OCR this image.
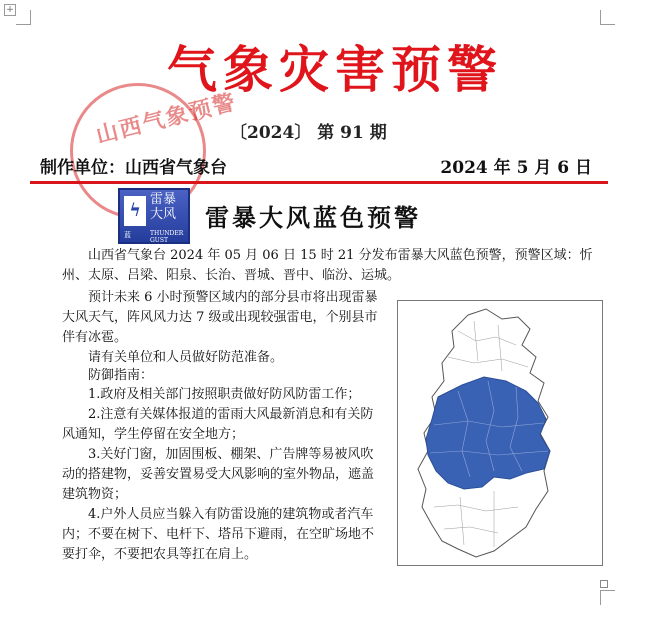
+
山西气象预警
气象灾害预警
〔2024〕 第 91 期
制作单位：山西省气象台	2024 年 5 月 6 日
ϟ
雷暴大风
蓝	THUNDER GUST
雷暴大风蓝色预警
山西省气象台 2024 年 05 月 06 日 15 时 21 分发布雷暴大风蓝色预警，预警区域：忻州、太原、吕梁、阳泉、长治、晋城、晋中、临汾、运城。
预计未来 6 小时预警区域内的部分县市将出现雷暴
大风天气，阵风风力达 7 级或出现较强雷电，个别县市
伴有冰雹。
请有关单位和人员做好防范准备。
防御指南：
1.政府及相关部门按照职责做好防风防雷工作；
2.注意有关媒体报道的雷雨大风最新消息和有关防
风通知，学生停留在安全地方；
3.关好门窗，加固围板、棚架、广告牌等易被风吹
动的搭建物，妥善安置易受大风影响的室外物品，遮盖
建筑物资；
4.户外人员应当躲入有防雷设施的建筑物或者汽车
内；不要在树下、电杆下、塔吊下避雨，在空旷场地不
要打伞，不要把农具等扛在肩上。
